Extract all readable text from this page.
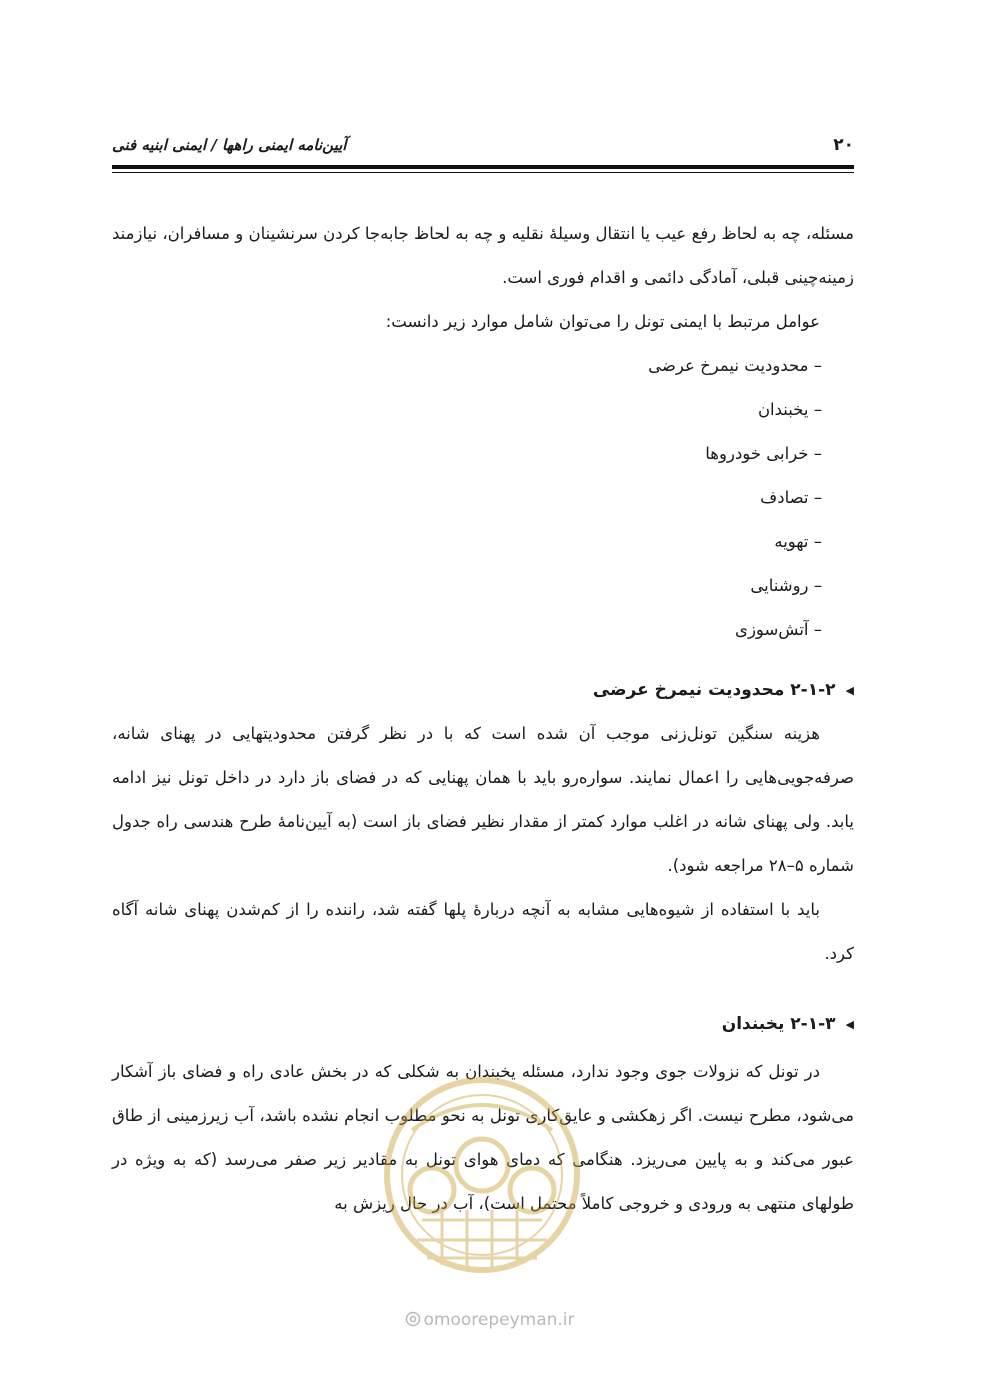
۲۰
آیین‌نامه ایمنی راهها / ایمنی ابنیه فنی

مسئله، چه به لحاظ رفع عیب یا انتقال وسیلهٔ نقلیه و چه به لحاظ جابه‌جا کردن سرنشینان و مسافران، نیازمند زمینه‌چینی قبلی، آمادگی دائمی و اقدام فوری است.

عوامل مرتبط با ایمنی تونل را می‌توان شامل موارد زیر دانست:

– محدودیت نیمرخ عرضی
– یخبندان
– خرابی خودروها
– تصادف
– تهویه
– روشنایی
– آتش‌سوزی
◀
۲-۱-۲ محدودیت نیمرخ عرضی

هزینه سنگین تونل‌زنی موجب آن شده است که با در نظر گرفتن محدودیتهایی در پهنای شانه، صرفه‌جویی‌هایی را اعمال نمایند. سواره‌رو باید با همان پهنایی که در فضای باز دارد در داخل تونل نیز ادامه یابد. ولی پهنای شانه در اغلب موارد کمتر از مقدار نظیر فضای باز است (به آیین‌نامهٔ طرح هندسی راه جدول شماره ۵–۲۸ مراجعه شود).

باید با استفاده از شیوه‌هایی مشابه به آنچه دربارهٔ پلها گفته شد، راننده را از کم‌شدن پهنای شانه آگاه کرد.

◀
۲-۱-۳ یخبندان

در تونل که نزولات جوی وجود ندارد، مسئله یخبندان به شکلی که در بخش عادی راه و فضای باز آشکار می‌شود، مطرح نیست. اگر زهکشی و عایق‌کاری تونل به نحو مطلوب انجام نشده باشد، آب زیرزمینی از طاق عبور می‌کند و به پایین می‌ریزد. هنگامی که دمای هوای تونل به مقادیر زیر صفر می‌رسد (که به ویژه در طولهای منتهی به ورودی و خروجی کاملاً محتمل است)، آب در حال ریزش به

omoorepeyman.ir
